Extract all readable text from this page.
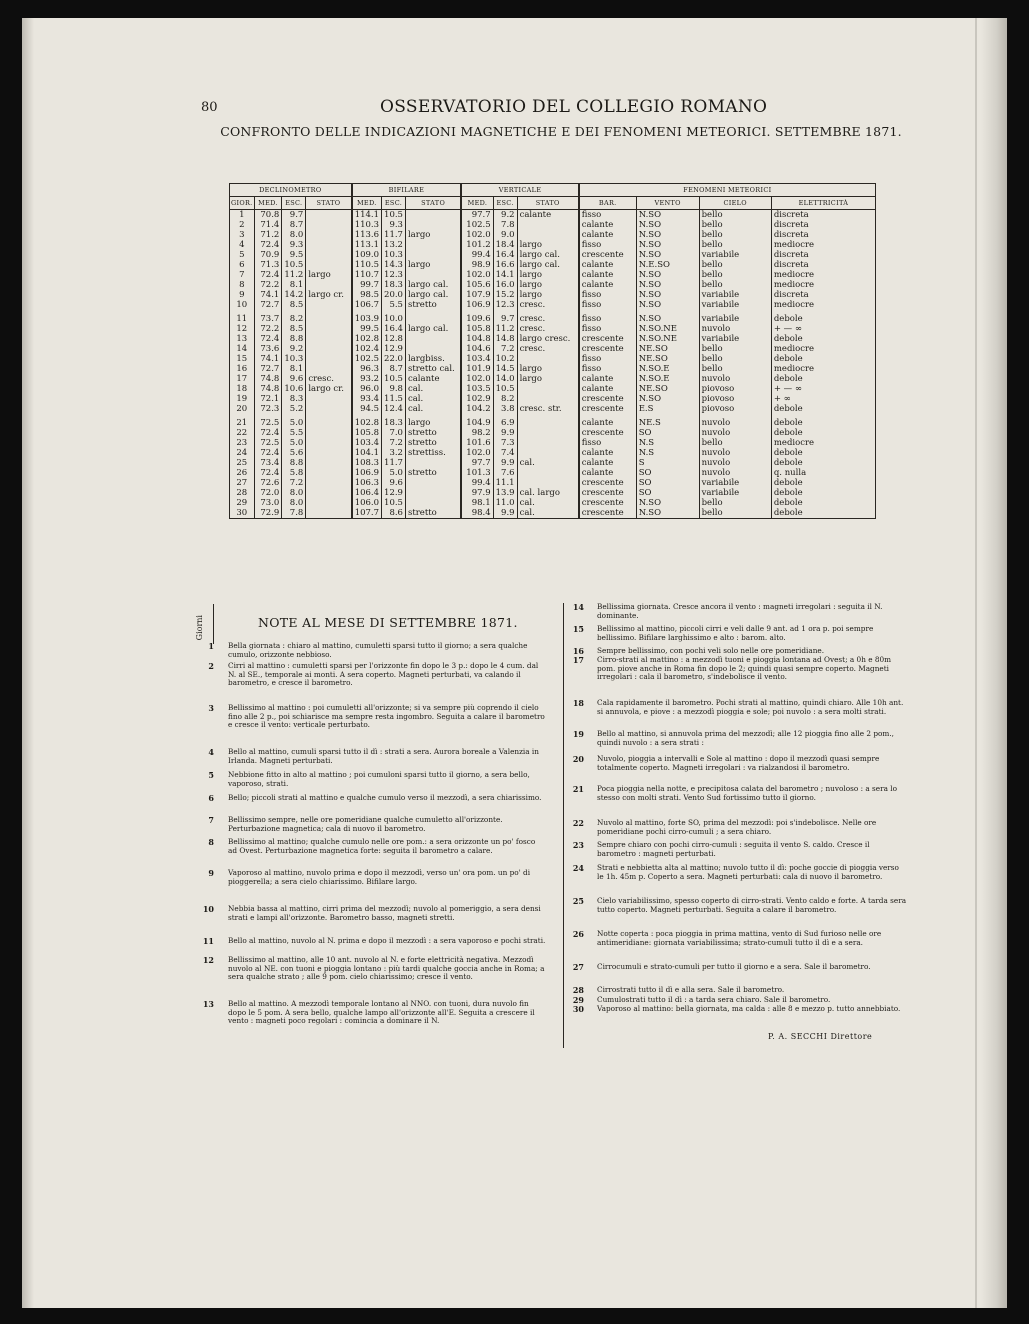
80	OSSERVATORIO DEL COLLEGIO ROMANO
CONFRONTO DELLE INDICAZIONI MAGNETICHE E DEI FENOMENI METEORICI. SETTEMBRE 1871.
DECLINOMETRO				BIFILARE			VERTICALE			FENOMENI METEORICI			
GIOR.	MED.	ESC.	STATO	MED.	ESC.	STATO	MED.	ESC.	STATO	BAR.	VENTO	CIELO	ELETTRICITÀ
1	70.8	9.7		114.1	10.5		97.7	9.2	calante	fisso	N.SO	bello	discreta
2	71.4	8.7		110.3	9.3		102.5	7.8		calante	N.SO	bello	discreta
3	71.2	8.0		113.6	11.7	largo	102.0	9.0		calante	N.SO	bello	discreta
4	72.4	9.3		113.1	13.2		101.2	18.4	largo	fisso	N.SO	bello	mediocre
5	70.9	9.5		109.0	10.3		99.4	16.4	largo cal.	crescente	N.SO	variabile	discreta
6	71.3	10.5		110.5	14.3	largo	98.9	16.6	largo cal.	calante	N.E.SO	bello	discreta
7	72.4	11.2	largo	110.7	12.3		102.0	14.1	largo	calante	N.SO	bello	mediocre
8	72.2	8.1		99.7	18.3	largo cal.	105.6	16.0	largo	calante	N.SO	bello	mediocre
9	74.1	14.2	largo cr.	98.5	20.0	largo cal.	107.9	15.2	largo	fisso	N.SO	variabile	discreta
10	72.7	8.5		106.7	5.5	stretto	106.9	12.3	cresc.	fisso	N.SO	variabile	mediocre
11	73.7	8.2		103.9	10.0		109.6	9.7	cresc.	fisso	N.SO	variabile	debole
12	72.2	8.5		99.5	16.4	largo cal.	105.8	11.2	cresc.	fisso	N.SO.NE	nuvolo	+ — ∞
13	72.4	8.8		102.8	12.8		104.8	14.8	largo cresc.	crescente	N.SO.NE	variabile	debole
14	73.6	9.2		102.4	12.9		104.6	7.2	cresc.	crescente	NE.SO	bello	mediocre
15	74.1	10.3		102.5	22.0	largbiss.	103.4	10.2		fisso	NE.SO	bello	debole
16	72.7	8.1		96.3	8.7	stretto cal.	101.9	14.5	largo	fisso	N.SO.E	bello	mediocre
17	74.8	9.6	cresc.	93.2	10.5	calante	102.0	14.0	largo	calante	N.SO.E	nuvolo	debole
18	74.8	10.6	largo cr.	96.0	9.8	cal.	103.5	10.5		calante	NE.SO	piovoso	+ — ∞
19	72.1	8.3		93.4	11.5	cal.	102.9	8.2		crescente	N.SO	piovoso	+ ∞
20	72.3	5.2		94.5	12.4	cal.	104.2	3.8	cresc. str.	crescente	E.S	piovoso	debole
21	72.5	5.0		102.8	18.3	largo	104.9	6.9		calante	NE.S	nuvolo	debole
22	72.4	5.5		105.8	7.0	stretto	98.2	9.9		crescente	SO	nuvolo	debole
23	72.5	5.0		103.4	7.2	stretto	101.6	7.3		fisso	N.S	bello	mediocre
24	72.4	5.6		104.1	3.2	strettiss.	102.0	7.4		calante	N.S	nuvolo	debole
25	73.4	8.8		108.3	11.7		97.7	9.9	cal.	calante	S	nuvolo	debole
26	72.4	5.8		106.9	5.0	stretto	101.3	7.6		calante	SO	nuvolo	q. nulla
27	72.6	7.2		106.3	9.6		99.4	11.1		crescente	SO	variabile	debole
28	72.0	8.0		106.4	12.9		97.9	13.9	cal. largo	crescente	SO	variabile	debole
29	73.0	8.0		106.0	10.5		98.1	11.0	cal.	crescente	N.SO	bello	debole
30	72.9	7.8		107.7	8.6	stretto	98.4	9.9	cal.	crescente	N.SO	bello	debole
Giorni	NOTE AL MESE DI SETTEMBRE 1871.
1 Bella giornata : chiaro al mattino, cumuletti sparsi tutto il giorno; a sera qualche cumulo, orizzonte nebbioso.
2 Cirri al mattino : cumuletti sparsi per l'orizzonte fin dopo le 3 p.: dopo le 4 cum. dal N. al SE., temporale ai monti. A sera coperto. Magneti perturbati, va calando il barometro, e cresce il barometro.
3 Bellissimo al mattino : poi cumuletti all'orizzonte; si va sempre più coprendo il cielo fino alle 2 p., poi schiarisce ma sempre resta ingombro. Seguita a calare il barometro e cresce il vento: verticale perturbato.
4 Bello al mattino, cumuli sparsi tutto il dì : strati a sera. Aurora boreale a Valenzia in Irlanda. Magneti perturbati.
5 Nebbione fitto in alto al mattino ; poi cumuloni sparsi tutto il giorno, a sera bello, vaporoso, strati.
6 Bello; piccoli strati al mattino e qualche cumulo verso il mezzodì, a sera chiarissimo.
7 Bellissimo sempre, nelle ore pomeridiane qualche cumuletto all'orizzonte. Perturbazione magnetica; cala di nuovo il barometro.
8 Bellissimo al mattino; qualche cumulo nelle ore pom.: a sera orizzonte un po' fosco ad Ovest. Perturbazione magnetica forte: seguita il barometro a calare.
9 Vaporoso al mattino, nuvolo prima e dopo il mezzodì, verso un' ora pom. un po' di pioggerella; a sera cielo chiarissimo. Bifilare largo.
10 Nebbia bassa al mattino, cirri prima del mezzodì; nuvolo al pomeriggio, a sera densi strati e lampi all'orizzonte. Barometro basso, magneti stretti.
11 Bello al mattino, nuvolo al N. prima e dopo il mezzodì : a sera vaporoso e pochi strati.
12 Bellissimo al mattino, alle 10 ant. nuvolo al N. e forte elettricità negativa. Mezzodì nuvolo al NE. con tuoni e pioggia lontano : più tardi qualche goccia anche in Roma; a sera qualche strato ; alle 9 pom. cielo chiarissimo; cresce il vento.
13 Bello al mattino. A mezzodì temporale lontano al NNO. con tuoni, dura nuvolo fin dopo le 5 pom. A sera bello, qualche lampo all'orizzonte all'E. Seguita a crescere il vento : magneti poco regolari : comincia a dominare il N.
14 Bellissima giornata. Cresce ancora il vento : magneti irregolari : seguita il N. dominante.
15 Bellissimo al mattino, piccoli cirri e veli dalle 9 ant. ad 1 ora p. poi sempre bellissimo. Bifilare larghissimo e alto : barom. alto.
16 Sempre bellissimo, con pochi veli solo nelle ore pomeridiane.
17 Cirro-strati al mattino : a mezzodì tuoni e pioggia lontana ad Ovest; a 0h e 80m pom. piove anche in Roma fin dopo le 2; quindi quasi sempre coperto. Magneti irregolari : cala il barometro, s'indebolisce il vento.
18 Cala rapidamente il barometro. Pochi strati al mattino, quindi chiaro. Alle 10h ant. si annuvola, e piove : a mezzodì pioggia e sole; poi nuvolo : a sera molti strati.
19 Bello al mattino, si annuvola prima del mezzodì; alle 12 pioggia fino alle 2 pom., quindi nuvolo : a sera strati :
20 Nuvolo, pioggia a intervalli e Sole al mattino : dopo il mezzodì quasi sempre totalmente coperto. Magneti irregolari : va rialzandosi il barometro.
21 Poca pioggia nella notte, e precipitosa calata del barometro ; nuvoloso : a sera lo stesso con molti strati. Vento Sud fortissimo tutto il giorno.
22 Nuvolo al mattino, forte SO, prima del mezzodì: poi s'indebolisce. Nelle ore pomeridiane pochi cirro-cumuli ; a sera chiaro.
23 Sempre chiaro con pochi cirro-cumuli : seguita il vento S. caldo. Cresce il barometro : magneti perturbati.
24 Strati e nebbietta alta al mattino; nuvolo tutto il dì: poche goccie di pioggia verso le 1h. 45m p. Coperto a sera. Magneti perturbati: cala di nuovo il barometro.
25 Cielo variabilissimo, spesso coperto di cirro-strati. Vento caldo e forte. A tarda sera tutto coperto. Magneti perturbati. Seguita a calare il barometro.
26 Notte coperta : poca pioggia in prima mattina, vento di Sud furioso nelle ore antimeridiane: giornata variabilissima; strato-cumuli tutto il dì e a sera.
27 Cirrocumuli e strato-cumuli per tutto il giorno e a sera. Sale il barometro.
28 Cirrostrati tutto il dì e alla sera. Sale il barometro.
29 Cumulostrati tutto il dì : a tarda sera chiaro. Sale il barometro.
30 Vaporoso al mattino: bella giornata, ma calda : alle 8 e mezzo p. tutto annebbiato.
P. A. SECCHI Direttore
